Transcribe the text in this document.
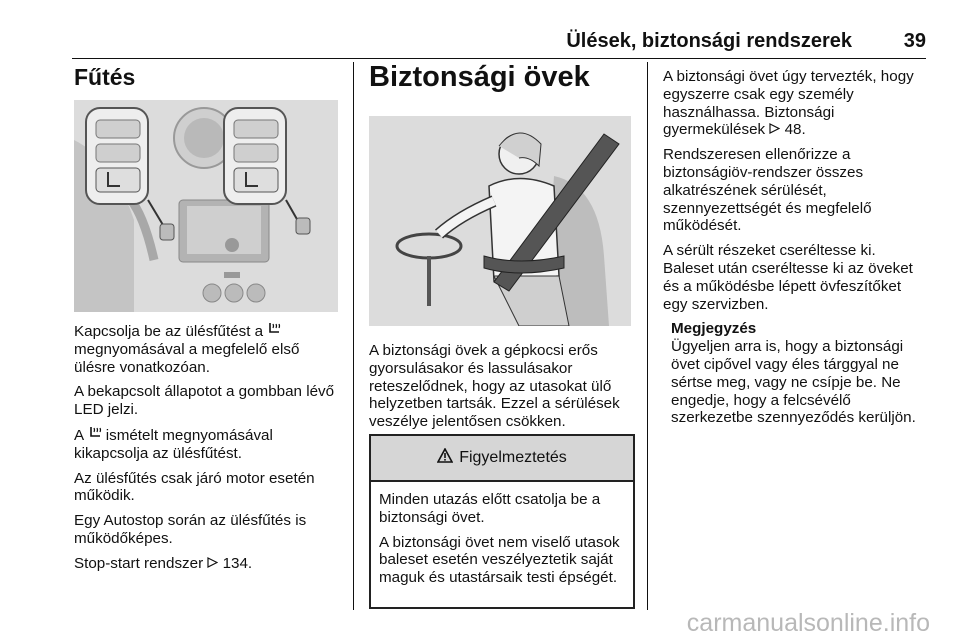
Ülések, biztonsági rendszerek	39
Fűtés

Kapcsolja be az ülésfűtést a  megnyomásával a megfelelő első ülésre vonatkozóan.

A bekapcsolt állapotot a gombban lévő LED jelzi.

A  ismételt megnyomásával kikapcsolja az ülésfűtést.

Az ülésfűtés csak járó motor esetén működik.

Egy Autostop során az ülésfűtés is működőképes.

Stop-start rendszer  134.

Biztonsági övek

A biztonsági övek a gépkocsi erős gyorsulásakor és lassulásakor reteszelődnek, hogy az utasokat ülő helyzetben tartsák. Ezzel a sérülések veszélye jelentősen csökken.

Figyelmeztetés

Minden utazás előtt csatolja be a biztonsági övet.

A biztonsági övet nem viselő utasok baleset esetén veszélyeztetik saját maguk és utastársaik testi épségét.

A biztonsági övet úgy tervezték, hogy egyszerre csak egy személy használhassa. Biztonsági gyermekülések  48.

Rendszeresen ellenőrizze a biztonságiöv-rendszer összes alkatrészének sérülését, szennyezettségét és megfelelő működését.

A sérült részeket cseréltesse ki. Baleset után cseréltesse ki az öveket és a működésbe lépett övfeszítőket egy szervizben.

Megjegyzés
Ügyeljen arra is, hogy a biztonsági övet cipővel vagy éles tárggyal ne sértse meg, vagy ne csípje be. Ne engedje, hogy a felcsévélő szerkezetbe szennyeződés kerüljön.
carmanualsonline.info
